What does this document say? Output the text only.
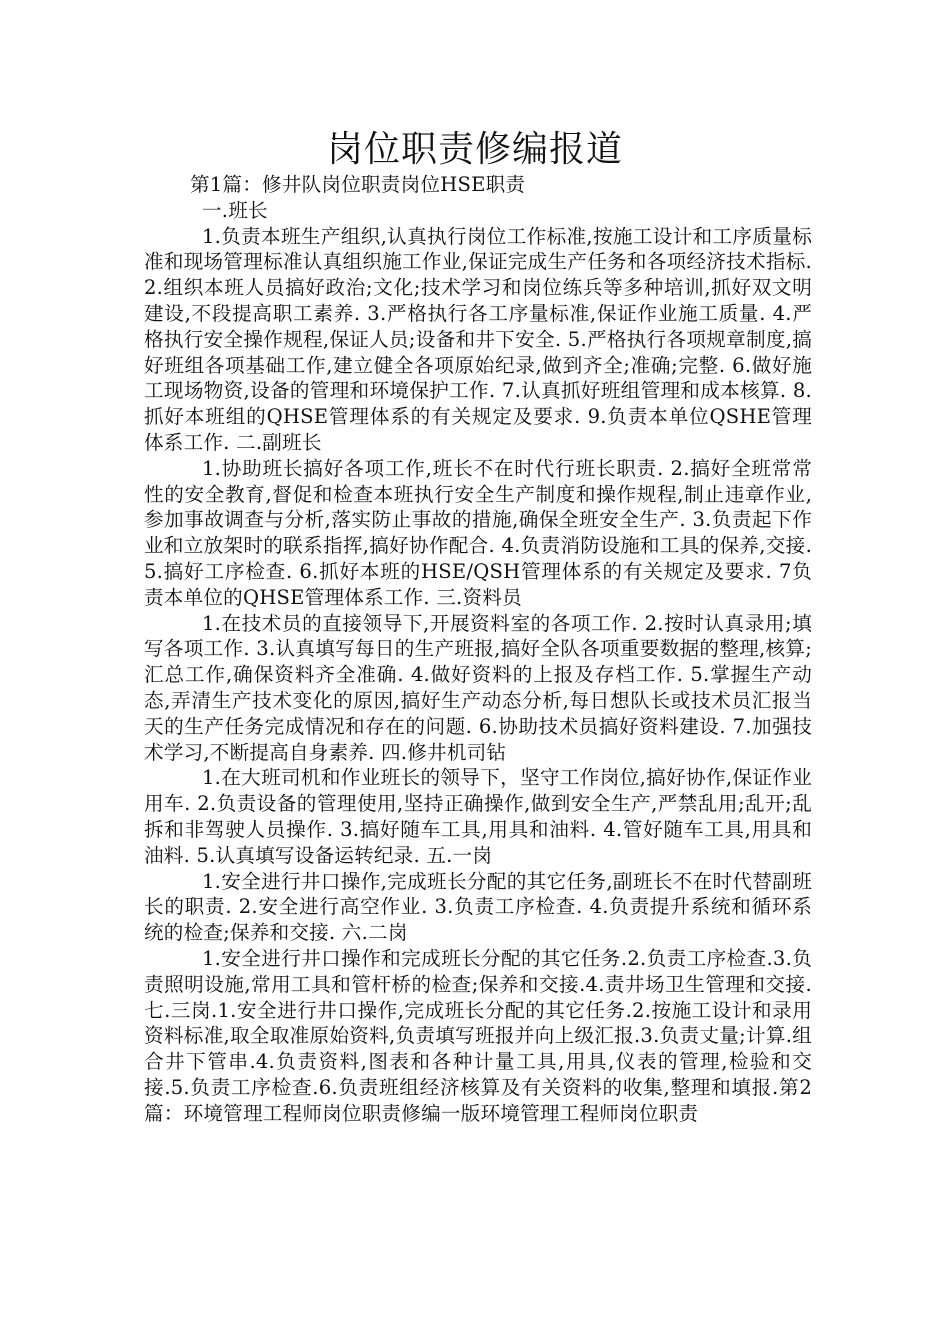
岗位职责修编报道

第1篇：修井队岗位职责岗位HSE职责

一.班长

1.负责本班生产组织,认真执行岗位工作标准,按施工设计和工序质量标准和现场管理标准认真组织施工作业,保证完成生产任务和各项经济技术指标. 2.组织本班人员搞好政治;文化;技术学习和岗位练兵等多种培训,抓好双文明建设,不段提高职工素养. 3.严格执行各工序量标准,保证作业施工质量. 4.严格执行安全操作规程,保证人员;设备和井下安全. 5.严格执行各项规章制度,搞好班组各项基础工作,建立健全各项原始纪录,做到齐全;准确;完整. 6.做好施工现场物资,设备的管理和环境保护工作. 7.认真抓好班组管理和成本核算. 8.抓好本班组的QHSE管理体系的有关规定及要求. 9.负责本单位QSHE管理体系工作. 二.副班长

1.协助班长搞好各项工作,班长不在时代行班长职责. 2.搞好全班常常性的安全教育,督促和检查本班执行安全生产制度和操作规程,制止违章作业,参加事故调查与分析,落实防止事故的措施,确保全班安全生产. 3.负责起下作业和立放架时的联系指挥,搞好协作配合. 4.负责消防设施和工具的保养,交接. 5.搞好工序检查. 6.抓好本班的HSE/QSH管理体系的有关规定及要求. 7负责本单位的QHSE管理体系工作. 三.资料员

1.在技术员的直接领导下,开展资料室的各项工作. 2.按时认真录用;填写各项工作. 3.认真填写每日的生产班报,搞好全队各项重要数据的整理,核算;汇总工作,确保资料齐全准确. 4.做好资料的上报及存档工作. 5.掌握生产动态,弄清生产技术变化的原因,搞好生产动态分析,每日想队长或技术员汇报当天的生产任务完成情况和存在的问题. 6.协助技术员搞好资料建设. 7.加强技术学习,不断提高自身素养. 四.修井机司钻

1.在大班司机和作业班长的领导下，坚守工作岗位,搞好协作,保证作业用车. 2.负责设备的管理使用,坚持正确操作,做到安全生产,严禁乱用;乱开;乱拆和非驾驶人员操作. 3.搞好随车工具,用具和油料. 4.管好随车工具,用具和油料. 5.认真填写设备运转纪录. 五.一岗

1.安全进行井口操作,完成班长分配的其它任务,副班长不在时代替副班长的职责. 2.安全进行高空作业. 3.负责工序检查. 4.负责提升系统和循环系统的检查;保养和交接. 六.二岗

1.安全进行井口操作和完成班长分配的其它任务.2.负责工序检查.3.负责照明设施,常用工具和管杆桥的检查;保养和交接.4.责井场卫生管理和交接. 七.三岗.1.安全进行井口操作,完成班长分配的其它任务.2.按施工设计和录用资料标准,取全取准原始资料,负责填写班报并向上级汇报.3.负责丈量;计算.组合井下管串.4.负责资料,图表和各种计量工具,用具,仪表的管理,检验和交接.5.负责工序检查.6.负责班组经济核算及有关资料的收集,整理和填报.第2篇：环境管理工程师岗位职责修编一版环境管理工程师岗位职责
